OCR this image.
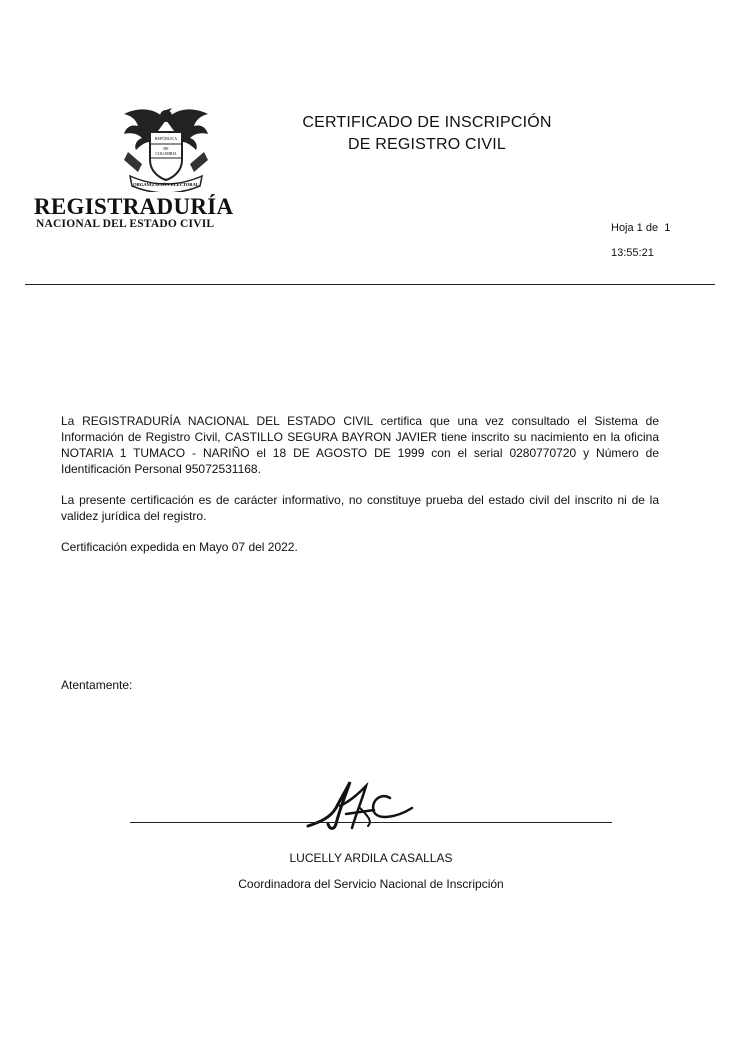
REPÚBLICA
DE
COLOMBIA
ORGANIZACIÓN ELECTORAL
REGISTRADURÍA
NACIONAL DEL ESTADO CIVIL
CERTIFICADO DE INSCRIPCIÓN
DE REGISTRO CIVIL
Hoja 1 de 1
13:55:21
La REGISTRADURÍA NACIONAL DEL ESTADO CIVIL certifica que una vez consultado el Sistema de Información de Registro Civil, CASTILLO SEGURA BAYRON JAVIER tiene inscrito su nacimiento en la oficina NOTARIA 1 TUMACO - NARIÑO el 18 DE AGOSTO DE 1999 con el serial 0280770720 y Número de Identificación Personal 95072531168.
La presente certificación es de carácter informativo, no constituye prueba del estado civil del inscrito ni de la validez jurídica del registro.
Certificación expedida en Mayo 07 del 2022.
Atentamente:
LUCELLY ARDILA CASALLAS
Coordinadora del Servicio Nacional de Inscripción
